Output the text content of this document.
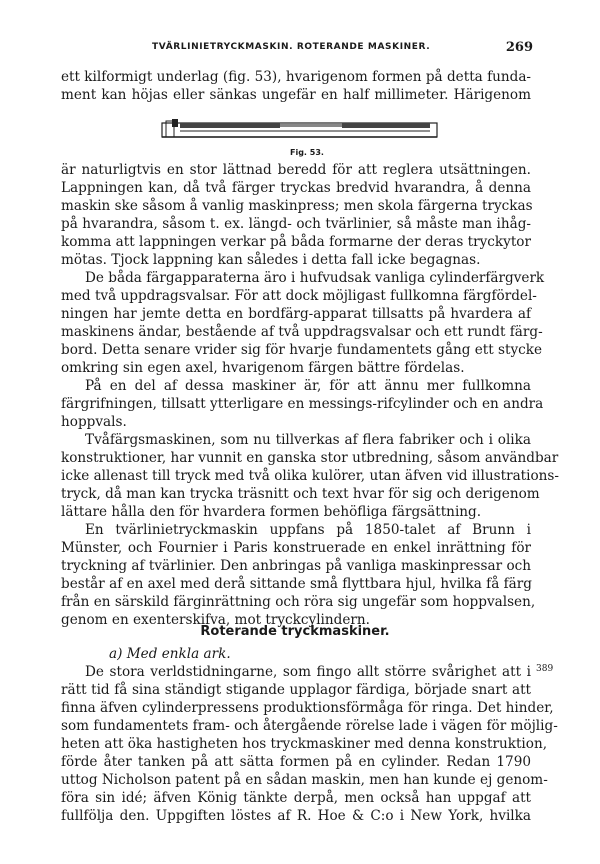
TVÄRLINIETRYCKMASKIN. ROTERANDE MASKINER.	269
ett kilformigt underlag (fig. 53), hvarigenom formen på detta funda-
ment kan höjas eller sänkas ungefär en half millimeter. Härigenom
Fig. 53.
är naturligtvis en stor lättnad beredd för att reglera utsättningen.
Lappningen kan, då två färger tryckas bredvid hvarandra, å denna
maskin ske såsom å vanlig maskinpress; men skola färgerna tryckas
på hvarandra, såsom t. ex. längd- och tvärlinier, så måste man ihåg-
komma att lappningen verkar på båda formarne der deras tryckytor
mötas. Tjock lappning kan således i detta fall icke begagnas.
De båda färgapparaterna äro i hufvudsak vanliga cylinderfärgverk
med två uppdragsvalsar. För att dock möjligast fullkomna färgfördel-
ningen har jemte detta en bordfärg-apparat tillsatts på hvardera af
maskinens ändar, bestående af två uppdragsvalsar och ett rundt färg-
bord. Detta senare vrider sig för hvarje fundamentets gång ett stycke
omkring sin egen axel, hvarigenom färgen bättre fördelas.
På en del af dessa maskiner är, för att ännu mer fullkomna
färgrifningen, tillsatt ytterligare en messings-rifcylinder och en andra
hoppvals.
Tvåfärgsmaskinen, som nu tillverkas af flera fabriker och i olika
konstruktioner, har vunnit en ganska stor utbredning, såsom användbar
icke allenast till tryck med två olika kulörer, utan äfven vid illustrations-
tryck, då man kan trycka träsnitt och text hvar för sig och derigenom
lättare hålla den för hvardera formen behöfliga färgsättning.
En tvärlinietryckmaskin uppfans på 1850-talet af Brunn i
Münster, och Fournier i Paris konstruerade en enkel inrättning för
tryckning af tvärlinier. Den anbringas på vanliga maskinpressar och
består af en axel med derå sittande små flyttbara hjul, hvilka få färg
från en särskild färginrättning och röra sig ungefär som hoppvalsen,
genom en exenterskifva, mot tryckcylindern.
Roterande tryckmaskiner.
a) Med enkla ark.
De stora verldstidningarne, som fingo allt större svårighet att i
rätt tid få sina ständigt stigande upplagor färdiga, började snart att
finna äfven cylinderpressens produktionsförmåga för ringa. Det hinder,
som fundamentets fram- och återgående rörelse lade i vägen för möjlig-
heten att öka hastigheten hos tryckmaskiner med denna konstruktion,
förde åter tanken på att sätta formen på en cylinder. Redan 1790
uttog Nicholson patent på en sådan maskin, men han kunde ej genom-
föra sin idé; äfven König tänkte derpå, men också han uppgaf att
fullfölja den. Uppgiften löstes af R. Hoe & C:o i New York, hvilka
389
